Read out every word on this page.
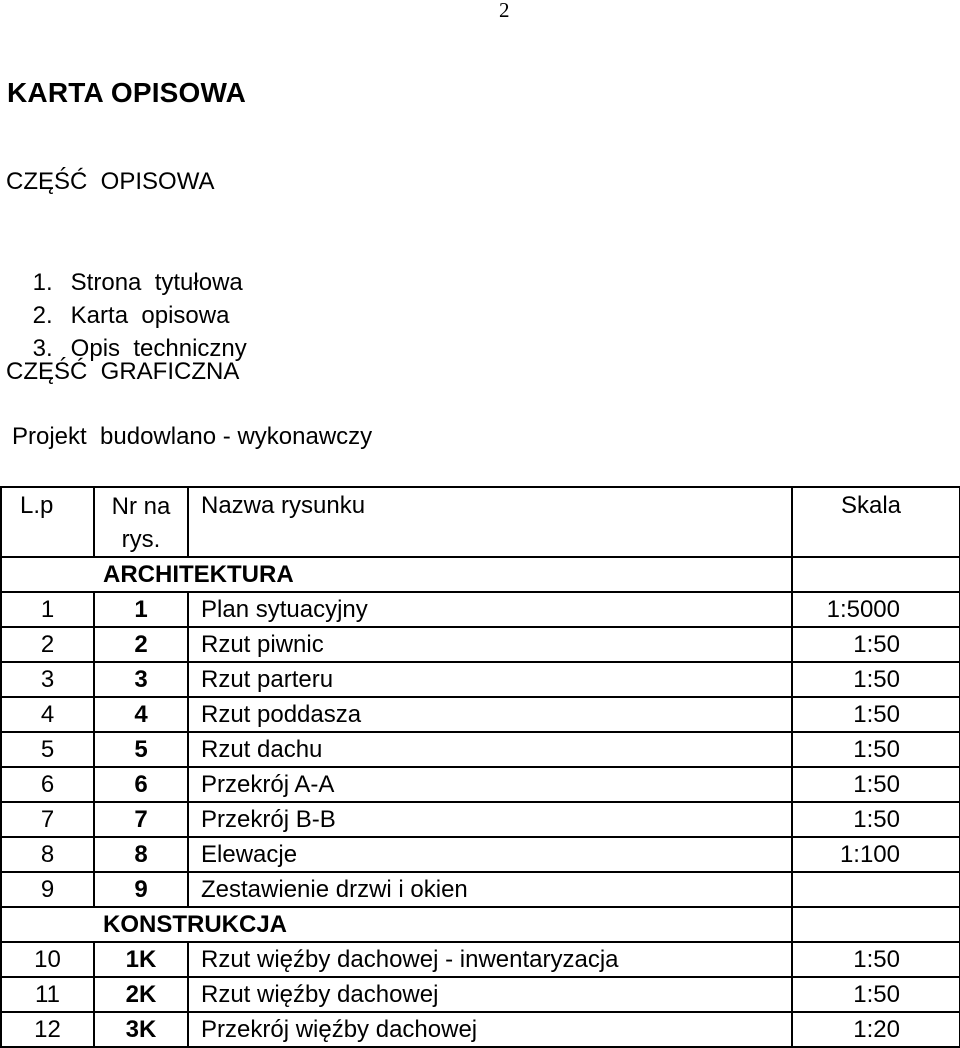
2
KARTA OPISOWA
CZĘŚĆ  OPISOWA

1. Strona  tytułowa

2. Karta  opisowa

3. Opis  techniczny

CZĘŚĆ  GRAFICZNA
Projekt  budowlano - wykonawczy
L.p	Nr na rys.	Nazwa rysunku	Skala

ARCHITEKTURA			
1	1	Plan sytuacyjny	1:5000
2	2	Rzut piwnic	1:50
3	3	Rzut parteru	1:50
4	4	Rzut poddasza	1:50
5	5	Rzut dachu	1:50
6	6	Przekrój A-A	1:50
7	7	Przekrój B-B	1:50
8	8	Elewacje	1:100
9	9	Zestawienie drzwi i okien	
KONSTRUKCJA			
10	1K	Rzut więźby dachowej - inwentaryzacja	1:50
11	2K	Rzut więźby dachowej	1:50
12	3K	Przekrój więźby dachowej	1:20
